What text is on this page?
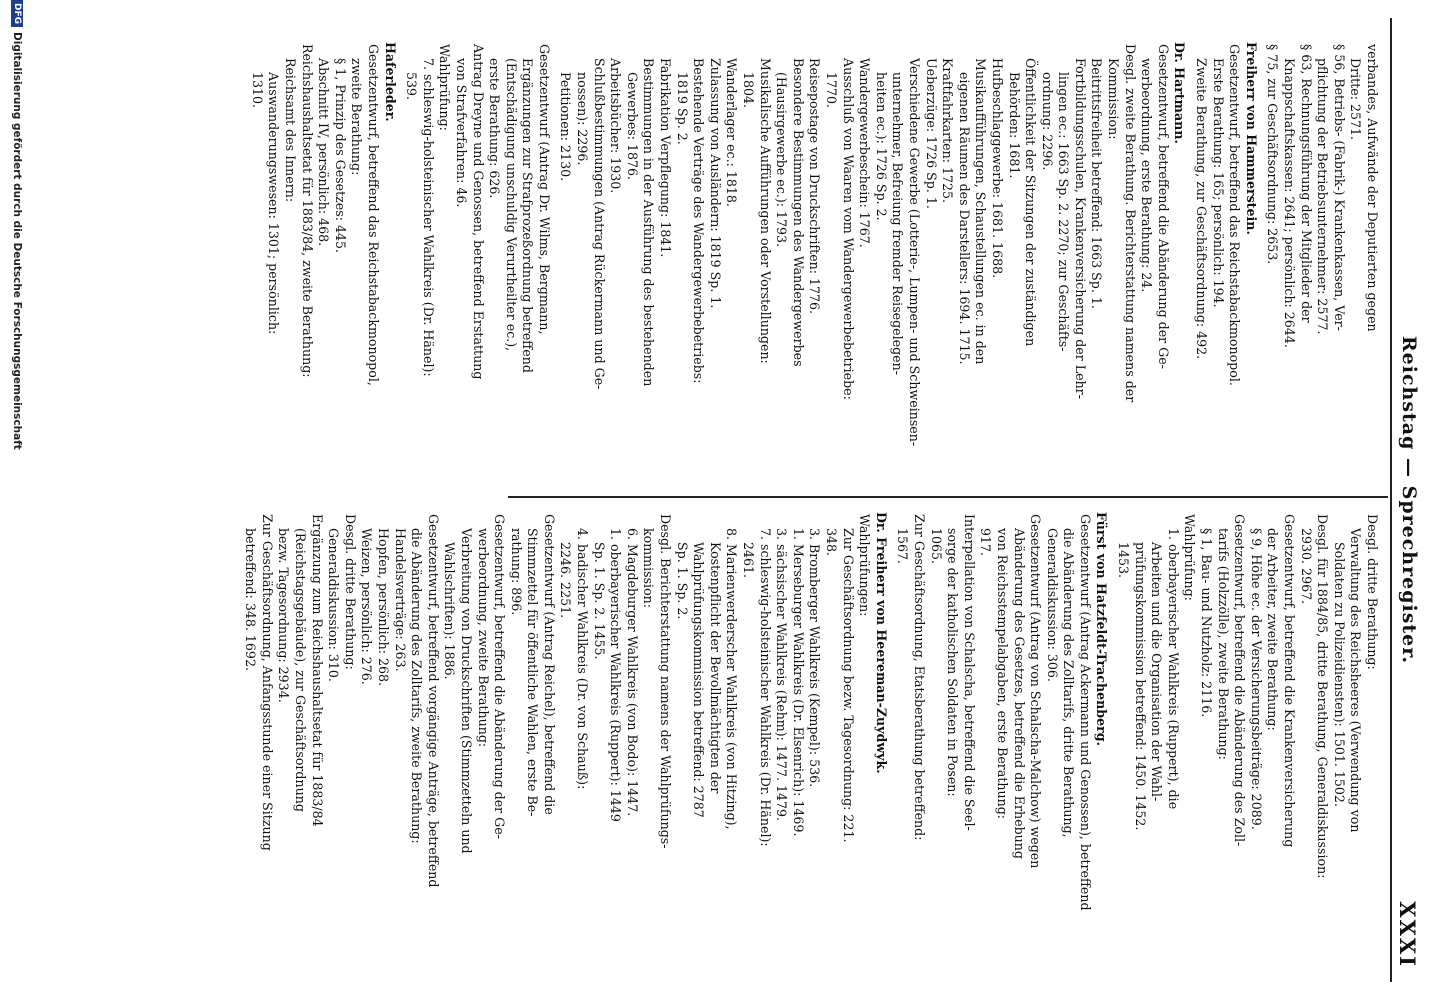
Reichstag — Sprechregister.
XXXI
verbandes, Aufwände der Deputierten gegen
Dritte: 2571.
§ 56, Betriebs- (Fabrik-) Krankenkassen, Ver-
pflichtung der Betriebsunternehmer: 2577.
§ 63, Rechnungsführung der Mitglieder der
Knappschaftskassen: 2641; persönlich: 2644.
§ 75, zur Geschäftsordnung: 2653.
Freiherr von Hammerstein.
Gesetzentwurf, betreffend das Reichstabackmonopol.
Erste Berathung: 165; persönlich: 194.
Zweite Berathung, zur Geschäftsordnung: 492.
Dr. Hartmann.
Gesetzentwurf, betreffend die Abänderung der Ge-
werbeordnung, erste Berathung: 24.
Desgl. zweite Berathung. Berichterstattung namens der
Kommission:
Beitrittsfreiheit betreffend: 1663 Sp. 1.
Fortbildungsschulen, Krankenversicherung der Lehr-
lingen ec.: 1663 Sp. 2. 2270; zur Geschäfts-
ordnung: 2296.
Öffentlichkeit der Sitzungen der zuständigen
Behörden: 1681.
Hufbeschlaggewerbe: 1681. 1688.
Musikaufführungen, Schaustellungen ec. in den
eigenen Räumen des Darstellers: 1694. 1715.
Kraftfahrkarten: 1725.
Ueberzüge: 1726 Sp. 1.
Verschiedene Gewerbe (Lotterie-, Lumpen- und Schweinsen-
unternehmer, Befreiung fremder Reisegelegen-
heiten ec.): 1726 Sp. 2.
Wandergewerbeschein: 1767.
Ausschluß von Waaren vom Wandergewerbebetriebe:
1770.
Reisepostage von Druckschriften: 1776.
Besondere Bestimmungen des Wandergewerbes
(Hausirgewerbe ec.): 1793.
Musikalische Aufführungen oder Vorstellungen:
1804.
Wanderlager ec.: 1818.
Zulassung von Ausländern: 1819 Sp. 1.
Bestehende Verträge des Wandergewerbebetriebs:
1819 Sp. 2.
Fabrikation Verpflegung: 1841.
Bestimmungen in der Ausführung des bestehenden
Gewerbes: 1876.
Arbeitsbücher: 1930.
Schlußbestimmungen (Antrag Rückermann und Ge-
nossen): 2296.
Petitionen: 2130.
Gesetzentwurf (Antrag Dr. Wilms, Bergmann,
Ergänzungen zur Strafprozeßordnung betreffend
(Entschädigung unschuldig Verurtheilter ec.),
erste Berathung: 626.
Antrag Dreyne und Genossen, betreffend Erstattung
von Strafverfahren: 46.
Wahlprüfung:
7. schleswig-holsteinischer Wahlkreis (Dr. Hänel):
539.
Haferleder.
Gesetzentwurf, betreffend das Reichstabackmonopol,
zweite Berathung:
§ 1, Prinzip des Gesetzes: 445.
Abschnitt IV, persönlich: 468.
Reichshaushaltsetat für 1883/84, zweite Berathung:
Reichsamt des Innern:
Auswanderungswesen: 1301; persönlich:
1310.
Desgl. dritte Berathung:
Verwaltung des Reichsheeres (Verwendung von
Soldaten zu Polizeidiensten): 1501. 1502.
Desgl. für 1884/85, dritte Berathung, Generaldiskussion:
2930. 2967.
Gesetzentwurf, betreffend die Krankenversicherung
der Arbeiter, zweite Berathung:
§ 9, Höhe ec. der Versicherungsbeiträge: 2089.
Gesetzentwurf, betreffend die Abänderung des Zoll-
tarifs (Holzzölle), zweite Berathung:
§ 1, Bau- und Nutzholz: 2116.
Wahlprüfung:
1. oberbayerischer Wahlkreis (Ruppert), die
Arbeiten und die Organisation der Wahl-
prüfungskommission betreffend: 1450. 1452.
1453.
Fürst von Hatzfeldt-Trachenberg.
Gesetzentwurf (Antrag Ackermann und Genossen), betreffend
die Abänderung des Zolltarifs, dritte Berathung,
Generaldiskussion: 306.
Gesetzentwurf (Antrag von Schalscha-Malchow) wegen
Abänderung des Gesetzes, betreffend die Erhebung
von Reichsstempelabgaben, erste Berathung:
917.
Interpellation von Schalscha, betreffend die Seel-
sorge der katholischen Soldaten in Posen:
1065.
Zur Geschäftsordnung, Etatsberathung betreffend:
1567.
Dr. Freiherr von Heereman-Zuydwyk.
Wahlprüfungen:
Zur Geschäftsordnung bezw. Tagesordnung: 221.
348.
3. Bromberger Wahlkreis (Kempel): 536.
1. Merseburger Wahlkreis (Dr. Elsenrich): 1469.
3. sächsischer Wahlkreis (Rehm): 1477. 1479.
7. schleswig-holsteinischer Wahlkreis (Dr. Hänel):
2461.
8. Marienwerderscher Wahlkreis (von Hitzing),
Kostenpflicht der Bevollmächtigten der
Wahlprüfungskommission betreffend: 2787
Sp. 1. Sp. 2.
Desgl. Berichterstattung namens der Wahlprüfungs-
kommission:
6. Magdeburger Wahlkreis (von Bodo): 1447.
1. oberbayerischer Wahlkreis (Ruppert): 1449
Sp. 1. Sp. 2. 1455.
4. badischer Wahlkreis (Dr. von Schauß):
2246. 2251.
Gesetzentwurf (Antrag Reichel), betreffend die
Stimmzettel für öffentliche Wahlen, erste Be-
rathung: 896.
Gesetzentwurf, betreffend die Abänderung der Ge-
werbeordnung, zweite Berathung:
Verbreitung von Druckschriften (Stimmzetteln und
Wahlschriften): 1886.
Gesetzentwurf, betreffend vorgängige Anträge, betreffend
die Abänderung des Zolltarifs, zweite Berathung:
Handelsverträge: 263.
Hopfen, persönlich: 268.
Weizen, persönlich: 276.
Desgl. dritte Berathung:
Generaldiskussion: 310.
Ergänzung zum Reichshaushaltsetat für 1883/84
(Reichstagsgebäude), zur Geschäftsordnung
bezw. Tagesordnung: 2934.
Zur Geschäftsordnung, Anfangsstunde einer Sitzung
betreffend: 348. 1692.
DFG
Digitalisierung gefördert durch die Deutsche Forschungsgemeinschaft
